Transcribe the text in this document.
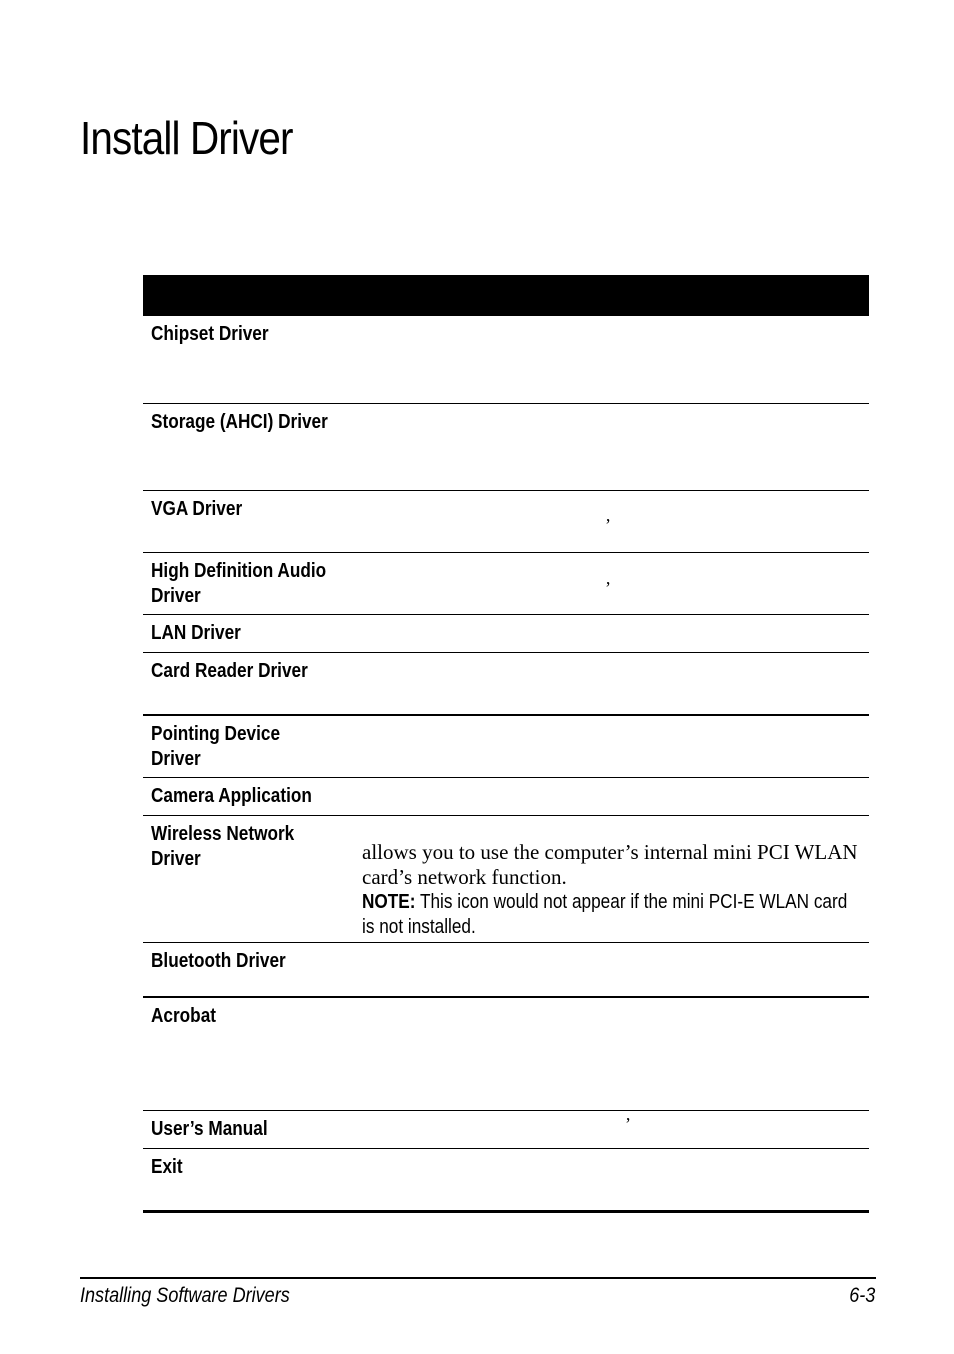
Install Driver
Chipset Driver
Storage (AHCI) Driver
VGA Driver
’
High Definition Audio Driver	’
LAN Driver
Card Reader Driver
Pointing Device Driver
Camera Application
Wireless Network Driver	allows you to use the computer’s internal mini PCI WLAN card’s network function.

NOTE: This icon would not appear if the mini PCI-E WLAN card is not installed.

Bluetooth Driver
Acrobat
User’s Manual	’
Exit
Installing Software Drivers	6-3
